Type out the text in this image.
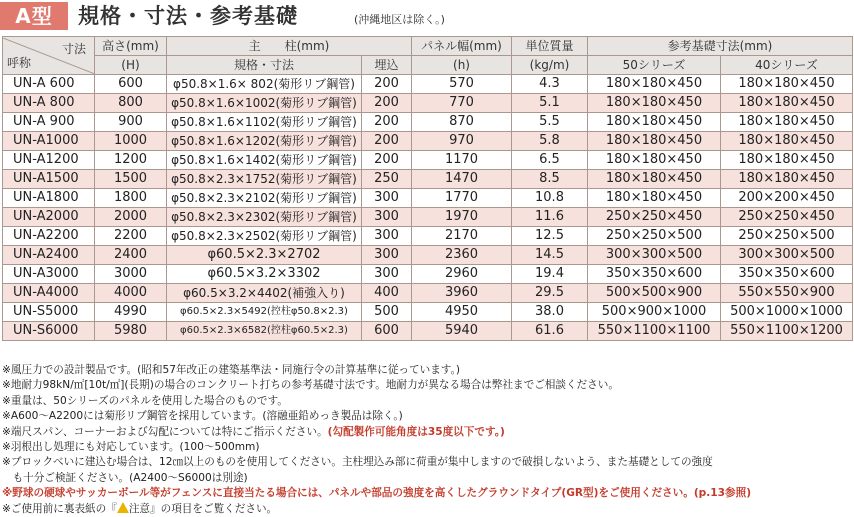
A型	規格・寸法・参考基礎	(沖縄地区は除く。)
寸法
呼称	高さ(mm)	主　　柱(mm)		パネル幅(mm)	単位質量	参考基礎寸法(mm)	
	(H)	規格・寸法	埋込	(h)	(kg/m)	50シリーズ	40シリーズ
UN-A 600	600	φ50.8×1.6× 802(菊形リブ鋼管)	200	570	4.3	180×180×450	180×180×450
UN-A 800	800	φ50.8×1.6×1002(菊形リブ鋼管)	200	770	5.1	180×180×450	180×180×450
UN-A 900	900	φ50.8×1.6×1102(菊形リブ鋼管)	200	870	5.5	180×180×450	180×180×450
UN-A1000	1000	φ50.8×1.6×1202(菊形リブ鋼管)	200	970	5.8	180×180×450	180×180×450
UN-A1200	1200	φ50.8×1.6×1402(菊形リブ鋼管)	200	1170	6.5	180×180×450	180×180×450
UN-A1500	1500	φ50.8×2.3×1752(菊形リブ鋼管)	250	1470	8.5	180×180×450	180×180×450
UN-A1800	1800	φ50.8×2.3×2102(菊形リブ鋼管)	300	1770	10.8	180×180×450	200×200×450
UN-A2000	2000	φ50.8×2.3×2302(菊形リブ鋼管)	300	1970	11.6	250×250×450	250×250×450
UN-A2200	2200	φ50.8×2.3×2502(菊形リブ鋼管)	300	2170	12.5	250×250×500	250×250×500
UN-A2400	2400	φ60.5×2.3×2702	300	2360	14.5	300×300×500	300×300×500
UN-A3000	3000	φ60.5×3.2×3302	300	2960	19.4	350×350×600	350×350×600
UN-A4000	4000	φ60.5×3.2×4402(補強入り)	400	3960	29.5	500×500×900	550×550×900
UN-S5000	4990	φ60.5×2.3×5492(控柱φ50.8×2.3)	500	4950	38.0	500×900×1000	500×1000×1000
UN-S6000	5980	φ60.5×2.3×6582(控柱φ60.5×2.3)	600	5940	61.6	550×1100×1100	550×1100×1200
※風圧力での設計製品です。(昭和57年改正の建築基準法・同施行令の計算基準に従っています。)
※地耐力98kN/㎡[10t/㎡](長期)の場合のコンクリート打ちの参考基礎寸法です。地耐力が異なる場合は弊社までご相談ください。
※重量は、50シリーズのパネルを使用した場合のものです。
※A600〜A2200には菊形リブ鋼管を採用しています。(溶融亜鉛めっき製品は除く。)
※端尺スパン、コーナーおよび勾配については特にご指示ください。(勾配製作可能角度は35度以下です。)
※羽根出し処理にも対応しています。(100〜500mm)
※ブロックべいに建込む場合は、12㎝以上のものを使用してください。主柱埋込み部に荷重が集中しますので破損しないよう、また基礎としての強度
　も十分ご検証ください。(A2400〜S6000は別途)
※野球の硬球やサッカーボール等がフェンスに直接当たる場合には、パネルや部品の強度を高くしたグラウンドタイプ(GR型)をご使用ください。(p.13参照)
※ご使用前に裏表紙の『 注意』の項目をご覧ください。
